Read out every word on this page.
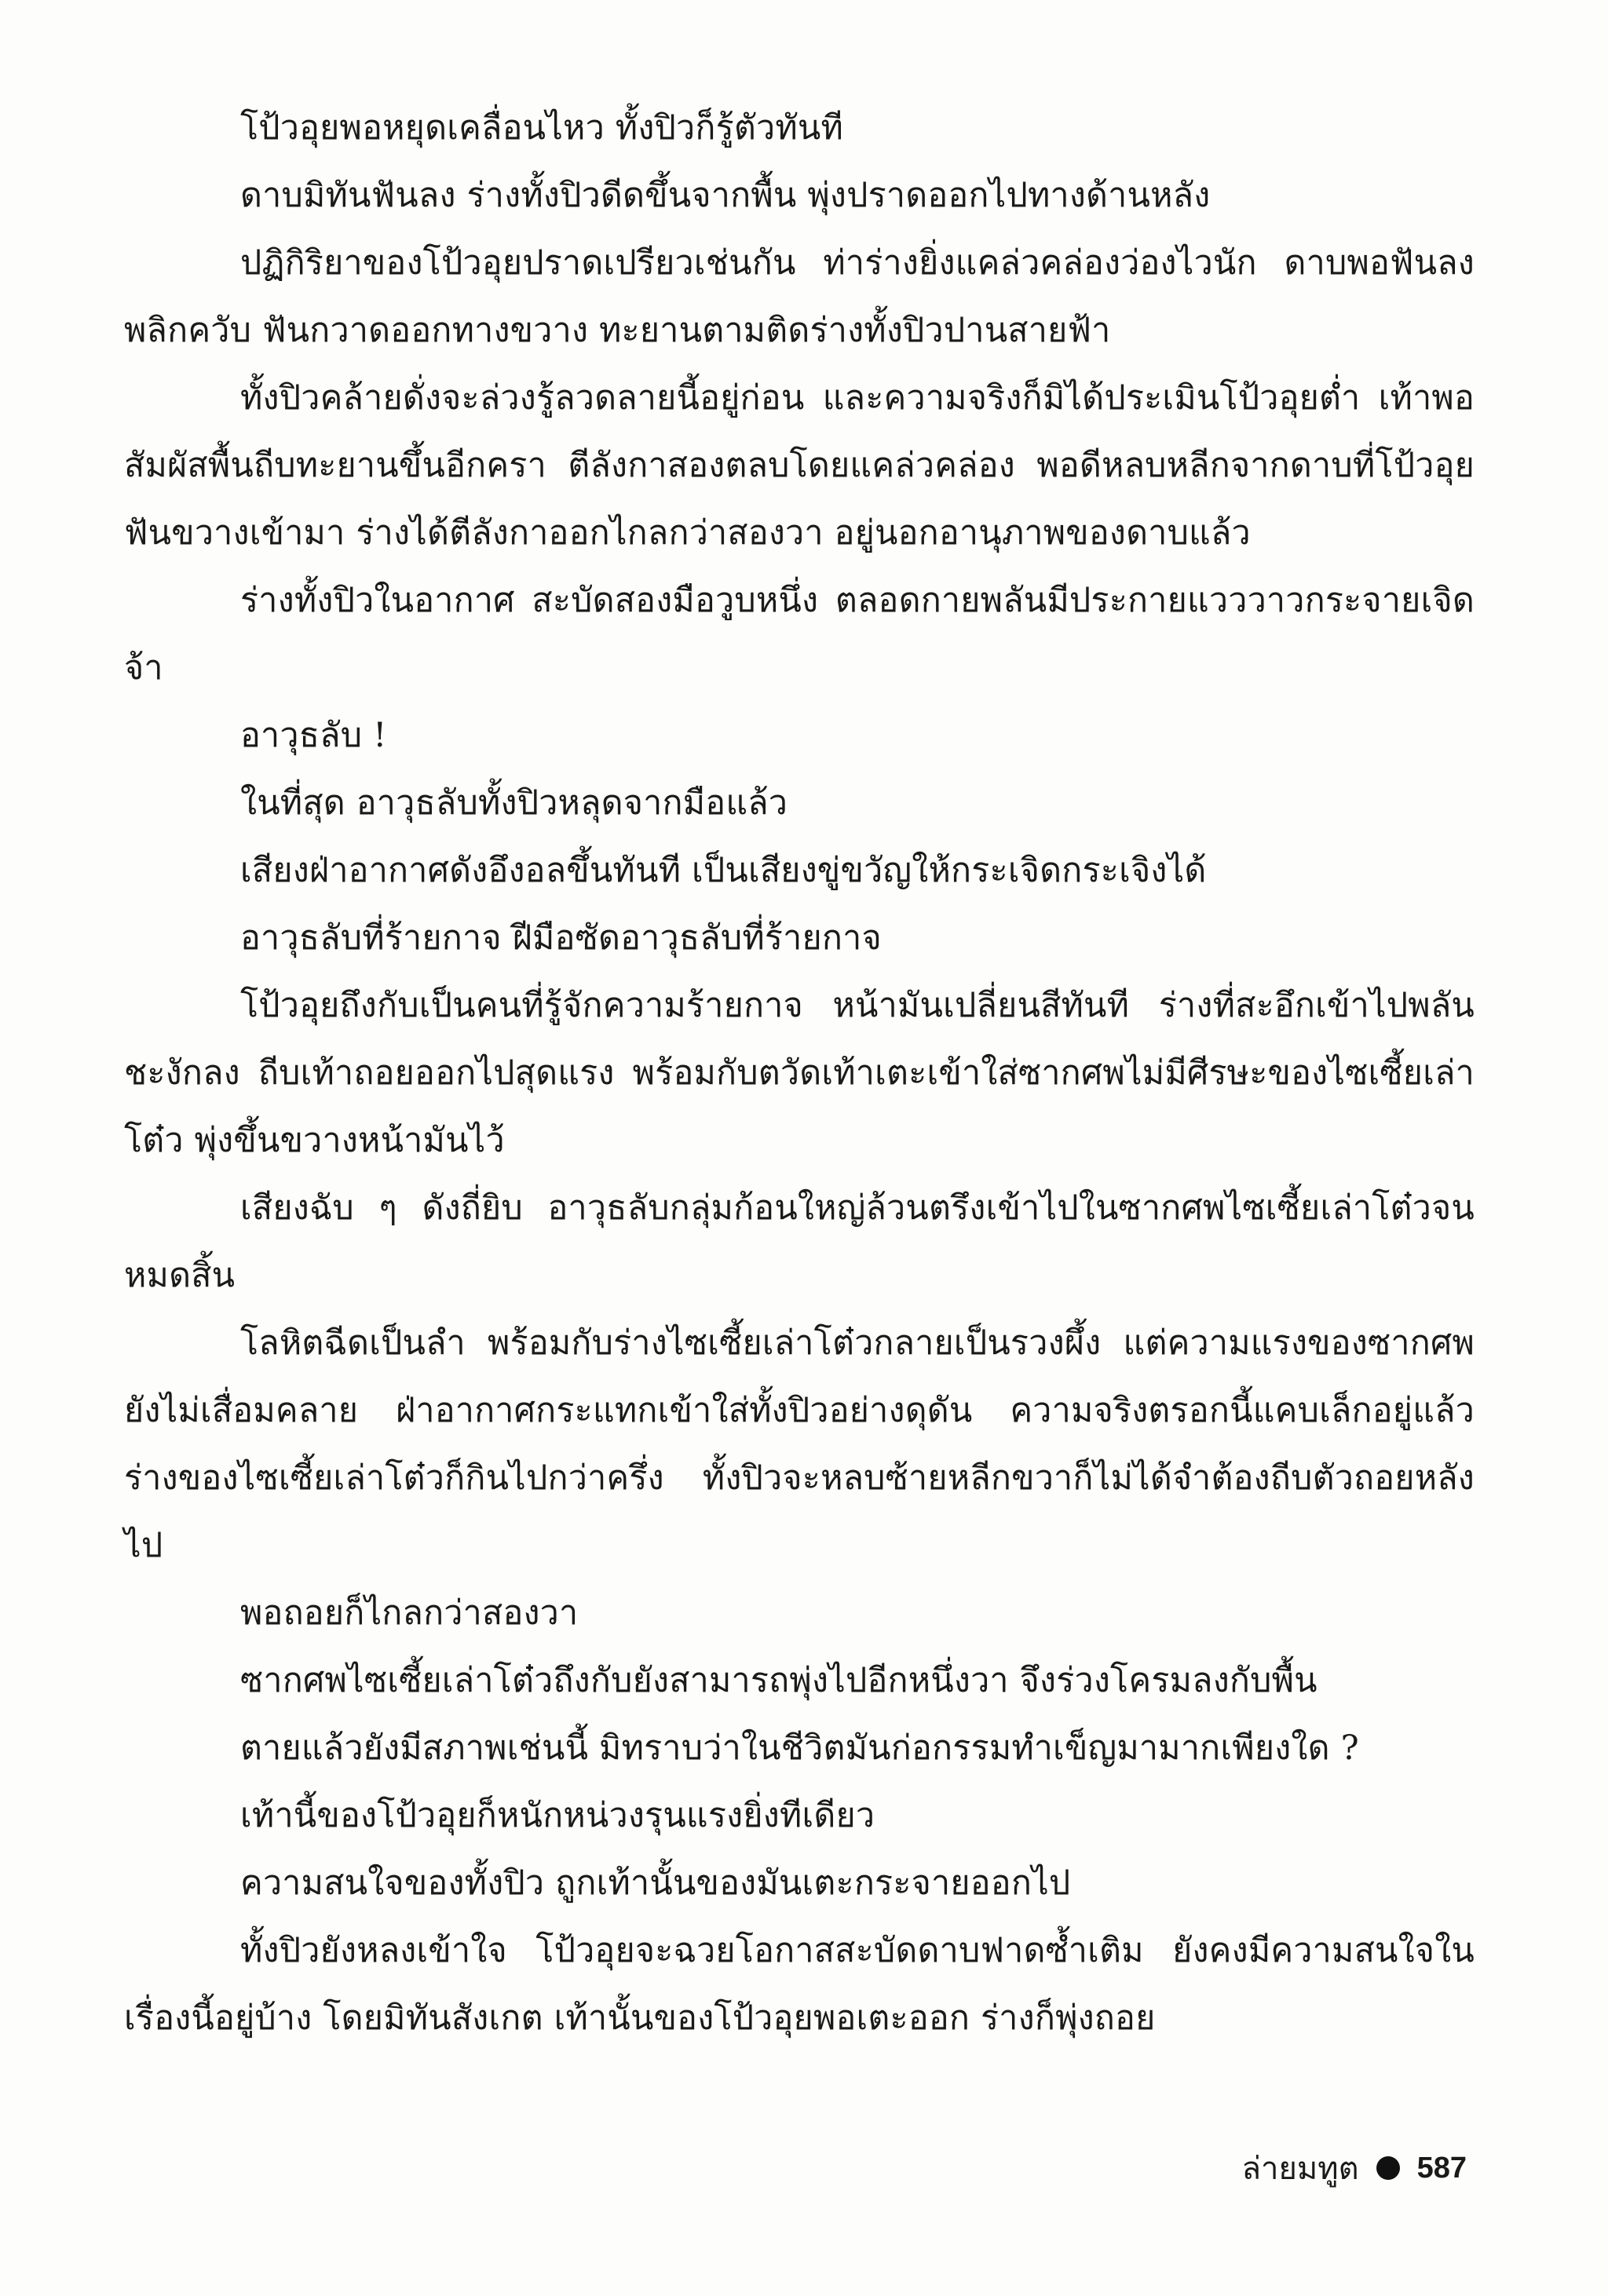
โป้วอุยพอหยุดเคลื่อนไหว ทั้งปิวก็รู้ตัวทันที

ดาบมิทันฟันลง ร่างทั้งปิวดีดขึ้นจากพื้น พุ่งปราดออกไปทางด้านหลัง

ปฏิกิริยาของโป้วอุยปราดเปรียวเช่นกัน ท่าร่างยิ่งแคล่วคล่องว่องไวนัก ดาบพอฟันลงพลิกควับ ฟันกวาดออกทางขวาง ทะยานตามติดร่างทั้งปิวปานสายฟ้า

ทั้งปิวคล้ายดั่งจะล่วงรู้ลวดลายนี้อยู่ก่อน และความจริงก็มิได้ประเมินโป้วอุยต่ำ เท้าพอสัมผัสพื้นถีบทะยานขึ้นอีกครา ตีลังกาสองตลบโดยแคล่วคล่อง พอดีหลบหลีกจากดาบที่โป้วอุยฟันขวางเข้ามา ร่างได้ตีลังกาออกไกลกว่าสองวา อยู่นอกอานุภาพของดาบแล้ว

ร่างทั้งปิวในอากาศ สะบัดสองมือวูบหนึ่ง ตลอดกายพลันมีประกายแวววาวกระจายเจิดจ้า

อาวุธลับ !

ในที่สุด อาวุธลับทั้งปิวหลุดจากมือแล้ว

เสียงฝ่าอากาศดังอึงอลขึ้นทันที เป็นเสียงขู่ขวัญให้กระเจิดกระเจิงได้

อาวุธลับที่ร้ายกาจ ฝีมือซัดอาวุธลับที่ร้ายกาจ

โป้วอุยถึงกับเป็นคนที่รู้จักความร้ายกาจ หน้ามันเปลี่ยนสีทันที ร่างที่สะอึกเข้าไปพลันชะงักลง ถีบเท้าถอยออกไปสุดแรง พร้อมกับตวัดเท้าเตะเข้าใส่ซากศพไม่มีศีรษะของไซเซี้ยเล่าโต๋ว พุ่งขึ้นขวางหน้ามันไว้

เสียงฉับ ๆ ดังถี่ยิบ อาวุธลับกลุ่มก้อนใหญ่ล้วนตรึงเข้าไปในซากศพไซเซี้ยเล่าโต๋วจนหมดสิ้น

โลหิตฉีดเป็นลำ พร้อมกับร่างไซเซี้ยเล่าโต๋วกลายเป็นรวงผึ้ง แต่ความแรงของซากศพยังไม่เสื่อมคลาย ฝ่าอากาศกระแทกเข้าใส่ทั้งปิวอย่างดุดัน ความจริงตรอกนี้แคบเล็กอยู่แล้ว ร่างของไซเซี้ยเล่าโต๋วก็กินไปกว่าครึ่ง ทั้งปิวจะหลบซ้ายหลีกขวาก็ไม่ได้จำต้องถีบตัวถอยหลังไป

พอถอยก็ไกลกว่าสองวา

ซากศพไซเซี้ยเล่าโต๋วถึงกับยังสามารถพุ่งไปอีกหนึ่งวา จึงร่วงโครมลงกับพื้น

ตายแล้วยังมีสภาพเช่นนี้ มิทราบว่าในชีวิตมันก่อกรรมทำเข็ญมามากเพียงใด ?

เท้านี้ของโป้วอุยก็หนักหน่วงรุนแรงยิ่งทีเดียว

ความสนใจของทั้งปิว ถูกเท้านั้นของมันเตะกระจายออกไป

ทั้งปิวยังหลงเข้าใจ โป้วอุยจะฉวยโอกาสสะบัดดาบฟาดซ้ำเติม ยังคงมีความสนใจในเรื่องนี้อยู่บ้าง โดยมิทันสังเกต เท้านั้นของโป้วอุยพอเตะออก ร่างก็พุ่งถอย

ล่ายมทูต 587
